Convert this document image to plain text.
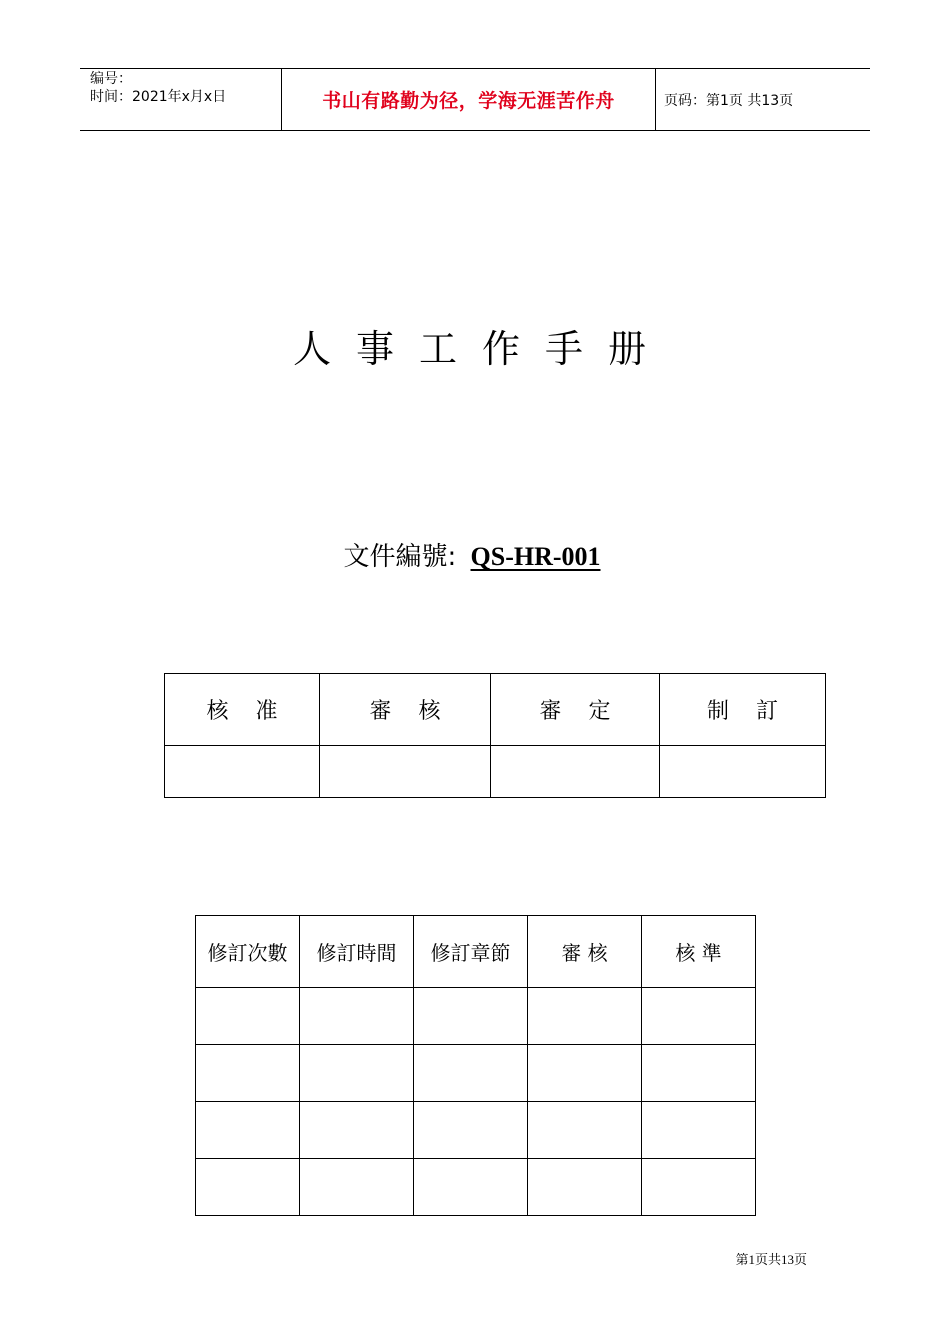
编号：
时间：2021年x月x日	书山有路勤为径，学海无涯苦作舟	页码：第1页 共13页
人事工作手册
文件編號: QS-HR-001
核 准	審 核	審 定	制 訂

修訂次數	修訂時間	修訂章節	審 核	核 準

第1页共13页
